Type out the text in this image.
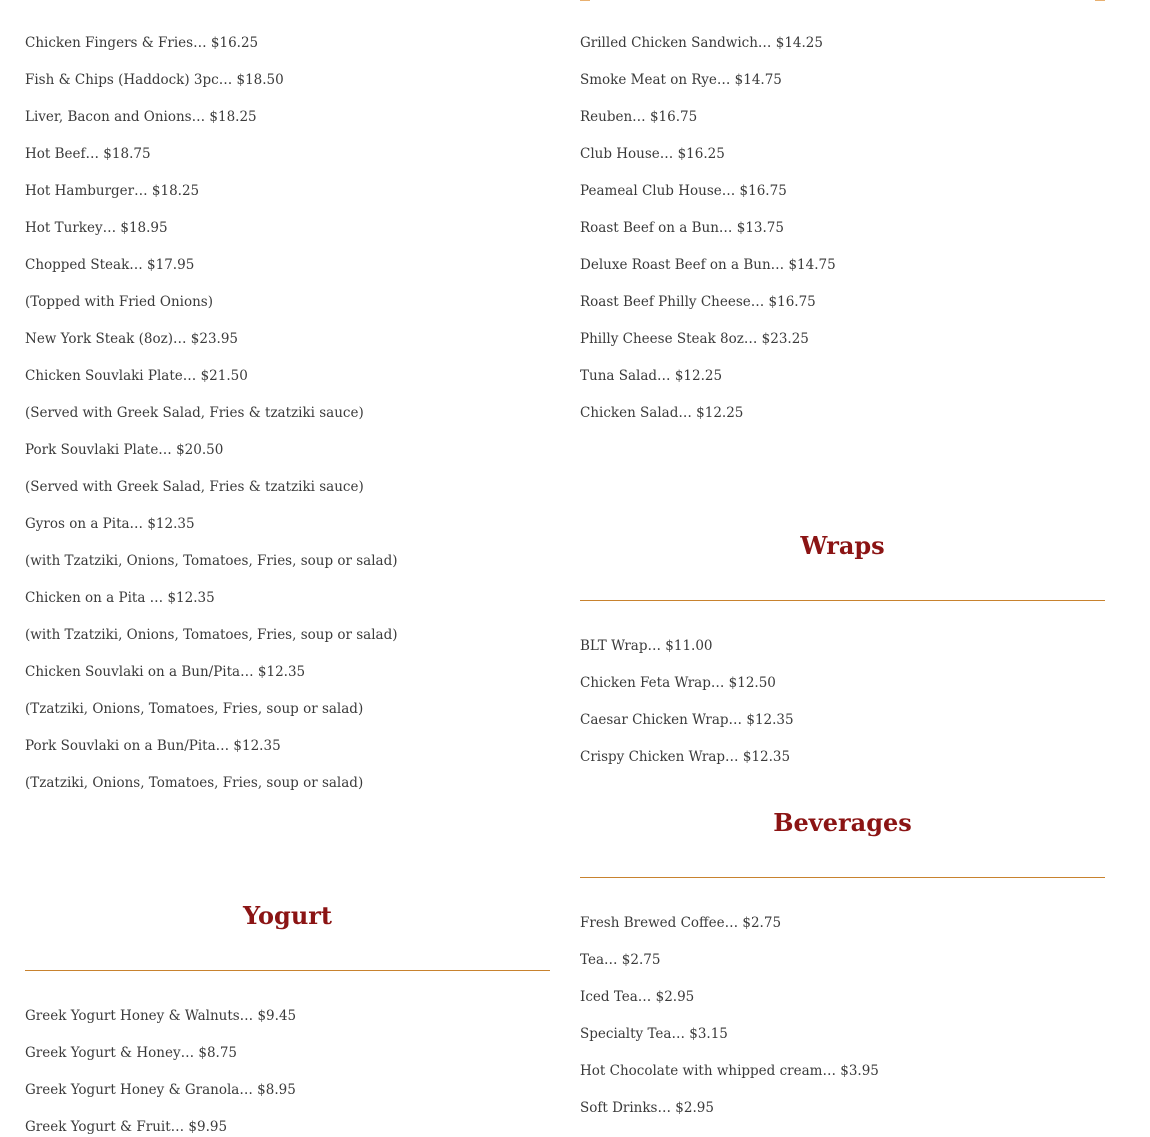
Chicken Fingers & Fries… $16.25
Fish & Chips (Haddock) 3pc… $18.50
Liver, Bacon and Onions… $18.25
Hot Beef… $18.75
Hot Hamburger… $18.25
Hot Turkey… $18.95
Chopped Steak… $17.95
(Topped with Fried Onions)
New York Steak (8oz)… $23.95
Chicken Souvlaki Plate… $21.50
(Served with Greek Salad, Fries & tzatziki sauce)
Pork Souvlaki Plate… $20.50
(Served with Greek Salad, Fries & tzatziki sauce)
Gyros on a Pita… $12.35
(with Tzatziki, Onions, Tomatoes, Fries, soup or salad)
Chicken on a Pita … $12.35
(with Tzatziki, Onions, Tomatoes, Fries, soup or salad)
Chicken Souvlaki on a Bun/Pita… $12.35
(Tzatziki, Onions, Tomatoes, Fries, soup or salad)
Pork Souvlaki on a Bun/Pita… $12.35
(Tzatziki, Onions, Tomatoes, Fries, soup or salad)
Yogurt
Greek Yogurt Honey & Walnuts… $9.45
Greek Yogurt & Honey… $8.75
Greek Yogurt Honey & Granola… $8.95
Greek Yogurt & Fruit… $9.95
Grilled Chicken Sandwich… $14.25
Smoke Meat on Rye… $14.75
Reuben… $16.75
Club House… $16.25
Peameal Club House… $16.75
Roast Beef on a Bun… $13.75
Deluxe Roast Beef on a Bun… $14.75
Roast Beef Philly Cheese… $16.75
Philly Cheese Steak 8oz… $23.25
Tuna Salad… $12.25
Chicken Salad… $12.25
Wraps
BLT Wrap… $11.00
Chicken Feta Wrap… $12.50
Caesar Chicken Wrap… $12.35
Crispy Chicken Wrap… $12.35
Beverages
Fresh Brewed Coffee… $2.75
Tea… $2.75
Iced Tea… $2.95
Specialty Tea… $3.15
Hot Chocolate with whipped cream… $3.95
Soft Drinks… $2.95
